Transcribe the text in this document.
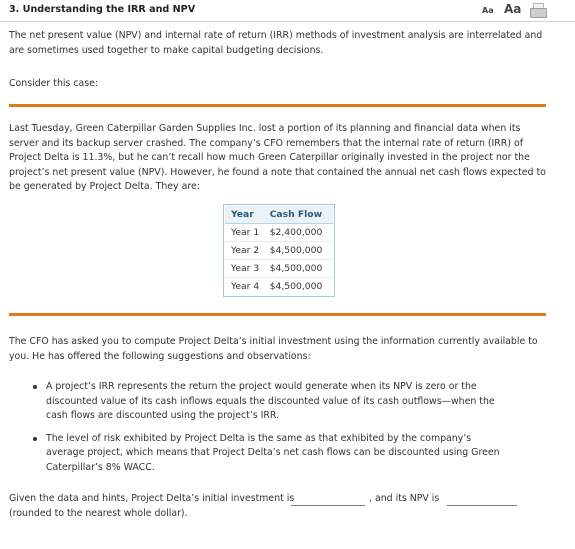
3. Understanding the IRR and NPV	Aa Aa
The net present value (NPV) and internal rate of return (IRR) methods of investment analysis are interrelated and are sometimes used together to make capital budgeting decisions.
Consider this case:
Last Tuesday, Green Caterpillar Garden Supplies Inc. lost a portion of its planning and financial data when its server and its backup server crashed. The company’s CFO remembers that the internal rate of return (IRR) of Project Delta is 11.3%, but he can’t recall how much Green Caterpillar originally invested in the project nor the project’s net present value (NPV). However, he found a note that contained the annual net cash flows expected to be generated by Project Delta. They are:
Year	Cash Flow
Year 1	$2,400,000
Year 2	$4,500,000
Year 3	$4,500,000
Year 4	$4,500,000
The CFO has asked you to compute Project Delta’s initial investment using the information currently available to you. He has offered the following suggestions and observations:
A project’s IRR represents the return the project would generate when its NPV is zero or the discounted value of its cash inflows equals the discounted value of its cash outflows—when the cash flows are discounted using the project’s IRR.
The level of risk exhibited by Project Delta is the same as that exhibited by the company’s average project, which means that Project Delta’s net cash flows can be discounted using Green Caterpillar’s 8% WACC.
Given the data and hints, Project Delta’s initial investment is	, and its NPV is
(rounded to the nearest whole dollar).
